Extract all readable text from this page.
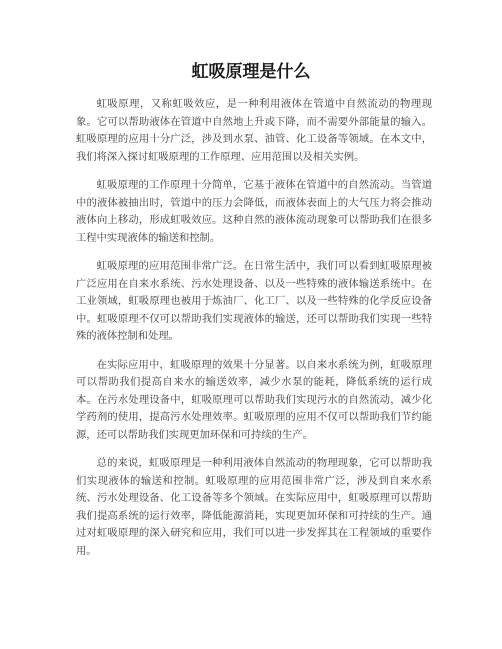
虹吸原理是什么

虹吸原理，又称虹吸效应，是一种利用液体在管道中自然流动的物理现象。它可以帮助液体在管道中自然地上升或下降，而不需要外部能量的输入。虹吸原理的应用十分广泛，涉及到水泵、油管、化工设备等领域。在本文中，我们将深入探讨虹吸原理的工作原理、应用范围以及相关实例。

虹吸原理的工作原理十分简单，它基于液体在管道中的自然流动。当管道中的液体被抽出时，管道中的压力会降低，而液体表面上的大气压力将会推动液体向上移动，形成虹吸效应。这种自然的液体流动现象可以帮助我们在很多工程中实现液体的输送和控制。

虹吸原理的应用范围非常广泛。在日常生活中，我们可以看到虹吸原理被广泛应用在自来水系统、污水处理设备、以及一些特殊的液体输送系统中。在工业领域，虹吸原理也被用于炼油厂、化工厂、以及一些特殊的化学反应设备中。虹吸原理不仅可以帮助我们实现液体的输送，还可以帮助我们实现一些特殊的液体控制和处理。

在实际应用中，虹吸原理的效果十分显著。以自来水系统为例，虹吸原理可以帮助我们提高自来水的输送效率，减少水泵的能耗，降低系统的运行成本。在污水处理设备中，虹吸原理可以帮助我们实现污水的自然流动，减少化学药剂的使用，提高污水处理效率。虹吸原理的应用不仅可以帮助我们节约能源，还可以帮助我们实现更加环保和可持续的生产。

总的来说，虹吸原理是一种利用液体自然流动的物理现象，它可以帮助我们实现液体的输送和控制。虹吸原理的应用范围非常广泛，涉及到自来水系统、污水处理设备、化工设备等多个领域。在实际应用中，虹吸原理可以帮助我们提高系统的运行效率，降低能源消耗，实现更加环保和可持续的生产。通过对虹吸原理的深入研究和应用，我们可以进一步发挥其在工程领域的重要作用。
